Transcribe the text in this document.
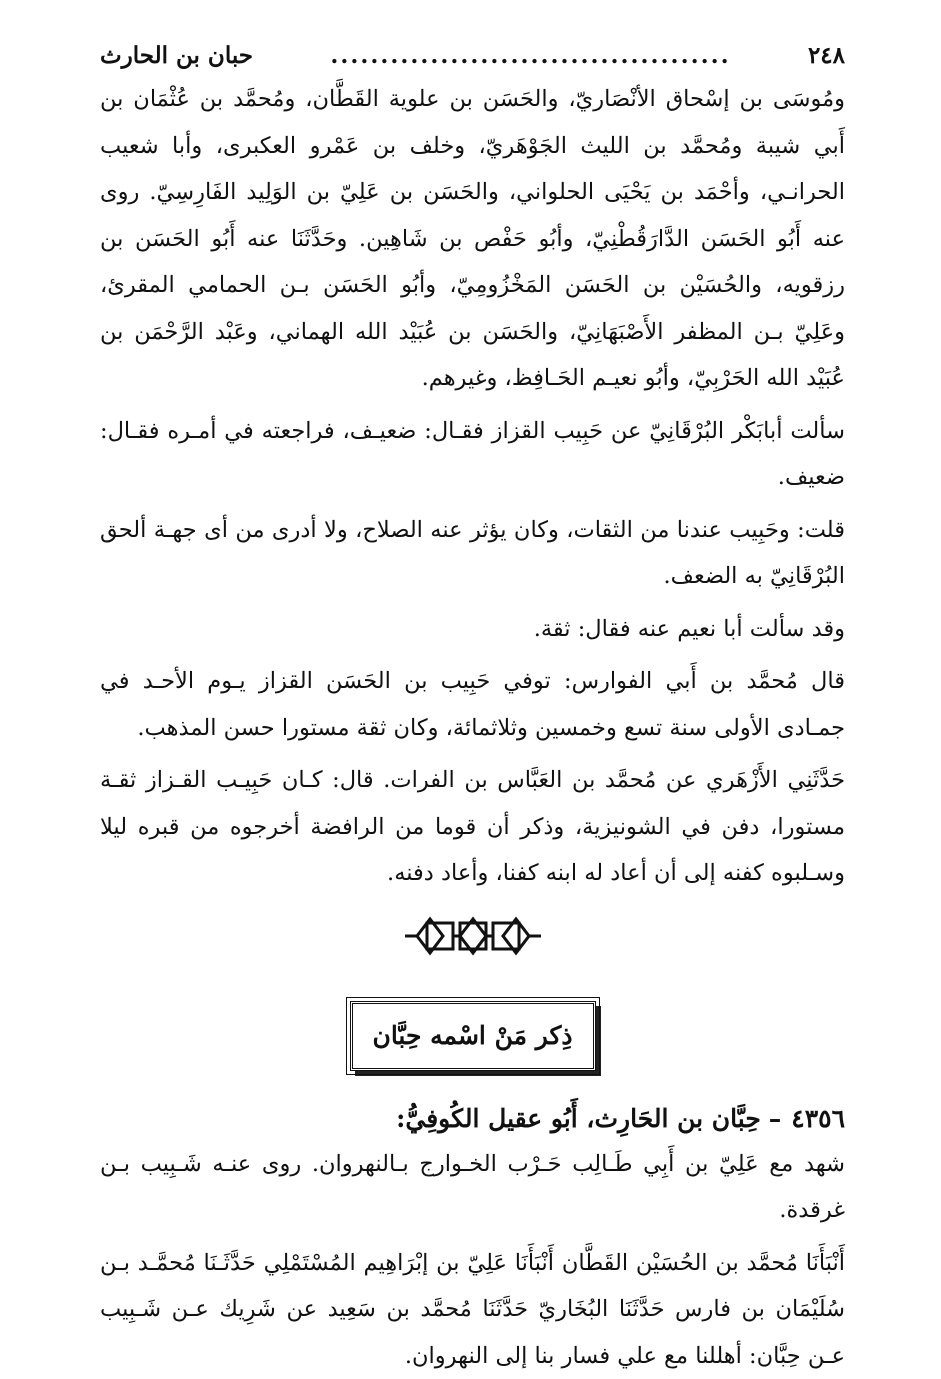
٢٤٨
........................................
حبان بن الحارث

ومُوسَى بن إسْحاق الأنْصَاريّ، والحَسَن بن علوية القَطَّان، ومُحمَّد بن عُثْمَان بن أَبي شيبة ومُحمَّد بن الليث الجَوْهَريّ، وخلف بن عَمْرو العكبرى، وأبا شعيب الحرانـي، وأحْمَد بن يَحْيَى الحلواني، والحَسَن بن عَلِيّ بن الوَلِيد الفَارِسِيّ. روى عنه أَبُو الحَسَن الدَّارَقُطْنِيّ، وأبُو حَفْص بن شَاهِين. وحَدَّثَنَا عنه أَبُو الحَسَن بن رزقويه، والحُسَيْن بن الحَسَن المَخْزُومِيّ، وأبُو الحَسَن بـن الحمامي المقرئ، وعَلِيّ بـن المظفر الأَصْبَهَانِيّ، والحَسَن بن عُبَيْد الله الهماني، وعَبْد الرَّحْمَن بن عُبَيْد الله الحَرْبِيّ، وأبُو نعيـم الحَـافِظ، وغيرهم.

سألت أبابَكْر البُرْقَانِيّ عن حَبِيب القزاز فقـال: ضعيـف، فراجعته في أمـره فقـال: ضعيف.

قلت: وحَبِيب عندنا من الثقات، وكان يؤثر عنه الصلاح، ولا أدرى من أى جهـة ألحق البُرْقَانِيّ به الضعف.

وقد سألت أبا نعيم عنه فقال: ثقة.

قال مُحمَّد بن أَبي الفوارس: توفي حَبِيب بن الحَسَن القزاز يـوم الأحـد في جمـادى الأولى سنة تسع وخمسين وثلاثمائة، وكان ثقة مستورا حسن المذهب.

حَدَّثَنِي الأَزْهَري عن مُحمَّد بن العَبَّاس بن الفرات. قال: كـان حَبِيـب القـزاز ثقـة مستورا، دفن في الشونيزية، وذكر أن قوما من الرافضة أخرجوه من قبره ليلا وسـلبوه كفنه إلى أن أعاد له ابنه كفنا، وأعاد دفنه.

ذِكر مَنْ اسْمه حِبَّان
٤٣٥٦–حِبَّان بن الحَارِث، أَبُو عقيل الكُوفِيُّ:

شهد مع عَلِيّ بن أَبِي طَـالِب حَـرْب الخـوارج بـالنهروان. روى عنـه شَـبِيب بـن غرقدة.

أَنْبَأَنَا مُحمَّد بن الحُسَيْن القَطَّان أَنْبَأَنَا عَلِيّ بن إبْرَاهِيم المُسْتَمْلِي حَدَّثَـنَا مُحمَّـد بـن سُلَيْمَان بن فارس حَدَّثَنَا البُخَاريّ حَدَّثَنَا مُحمَّد بن سَعِيد عن شَرِيك عـن شَـبِيب عـن حِبَّان: أهللنا مع علي فسار بنا إلى النهروان.
